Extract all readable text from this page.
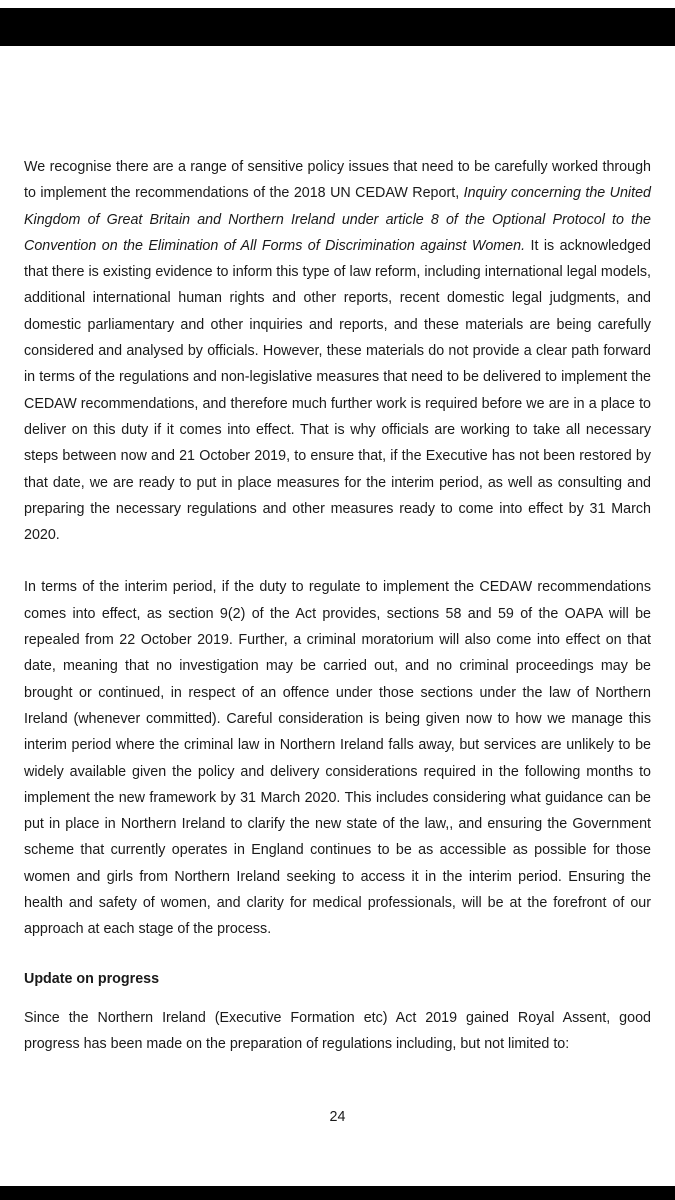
We recognise there are a range of sensitive policy issues that need to be carefully worked through to implement the recommendations of the 2018 UN CEDAW Report, Inquiry concerning the United Kingdom of Great Britain and Northern Ireland under article 8 of the Optional Protocol to the Convention on the Elimination of All Forms of Discrimination against Women. It is acknowledged that there is existing evidence to inform this type of law reform, including international legal models, additional international human rights and other reports, recent domestic legal judgments, and domestic parliamentary and other inquiries and reports, and these materials are being carefully considered and analysed by officials. However, these materials do not provide a clear path forward in terms of the regulations and non-legislative measures that need to be delivered to implement the CEDAW recommendations, and therefore much further work is required before we are in a place to deliver on this duty if it comes into effect. That is why officials are working to take all necessary steps between now and 21 October 2019, to ensure that, if the Executive has not been restored by that date, we are ready to put in place measures for the interim period, as well as consulting and preparing the necessary regulations and other measures ready to come into effect by 31 March 2020.

In terms of the interim period, if the duty to regulate to implement the CEDAW recommendations comes into effect, as section 9(2) of the Act provides, sections 58 and 59 of the OAPA will be repealed from 22 October 2019. Further, a criminal moratorium will also come into effect on that date, meaning that no investigation may be carried out, and no criminal proceedings may be brought or continued, in respect of an offence under those sections under the law of Northern Ireland (whenever committed). Careful consideration is being given now to how we manage this interim period where the criminal law in Northern Ireland falls away, but services are unlikely to be widely available given the policy and delivery considerations required in the following months to implement the new framework by 31 March 2020. This includes considering what guidance can be put in place in Northern Ireland to clarify the new state of the law,, and ensuring the Government scheme that currently operates in England continues to be as accessible as possible for those women and girls from Northern Ireland seeking to access it in the interim period. Ensuring the health and safety of women, and clarity for medical professionals, will be at the forefront of our approach at each stage of the process.

Update on progress

Since the Northern Ireland (Executive Formation etc) Act 2019 gained Royal Assent, good progress has been made on the preparation of regulations including, but not limited to:

24
